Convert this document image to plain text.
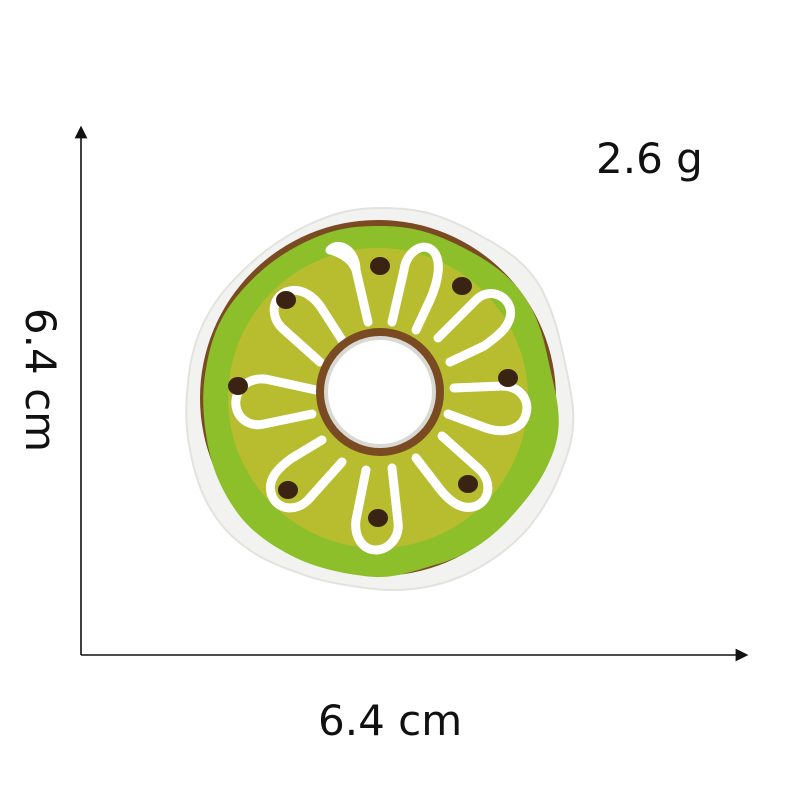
2.6 g
6.4 cm
6.4 cm
